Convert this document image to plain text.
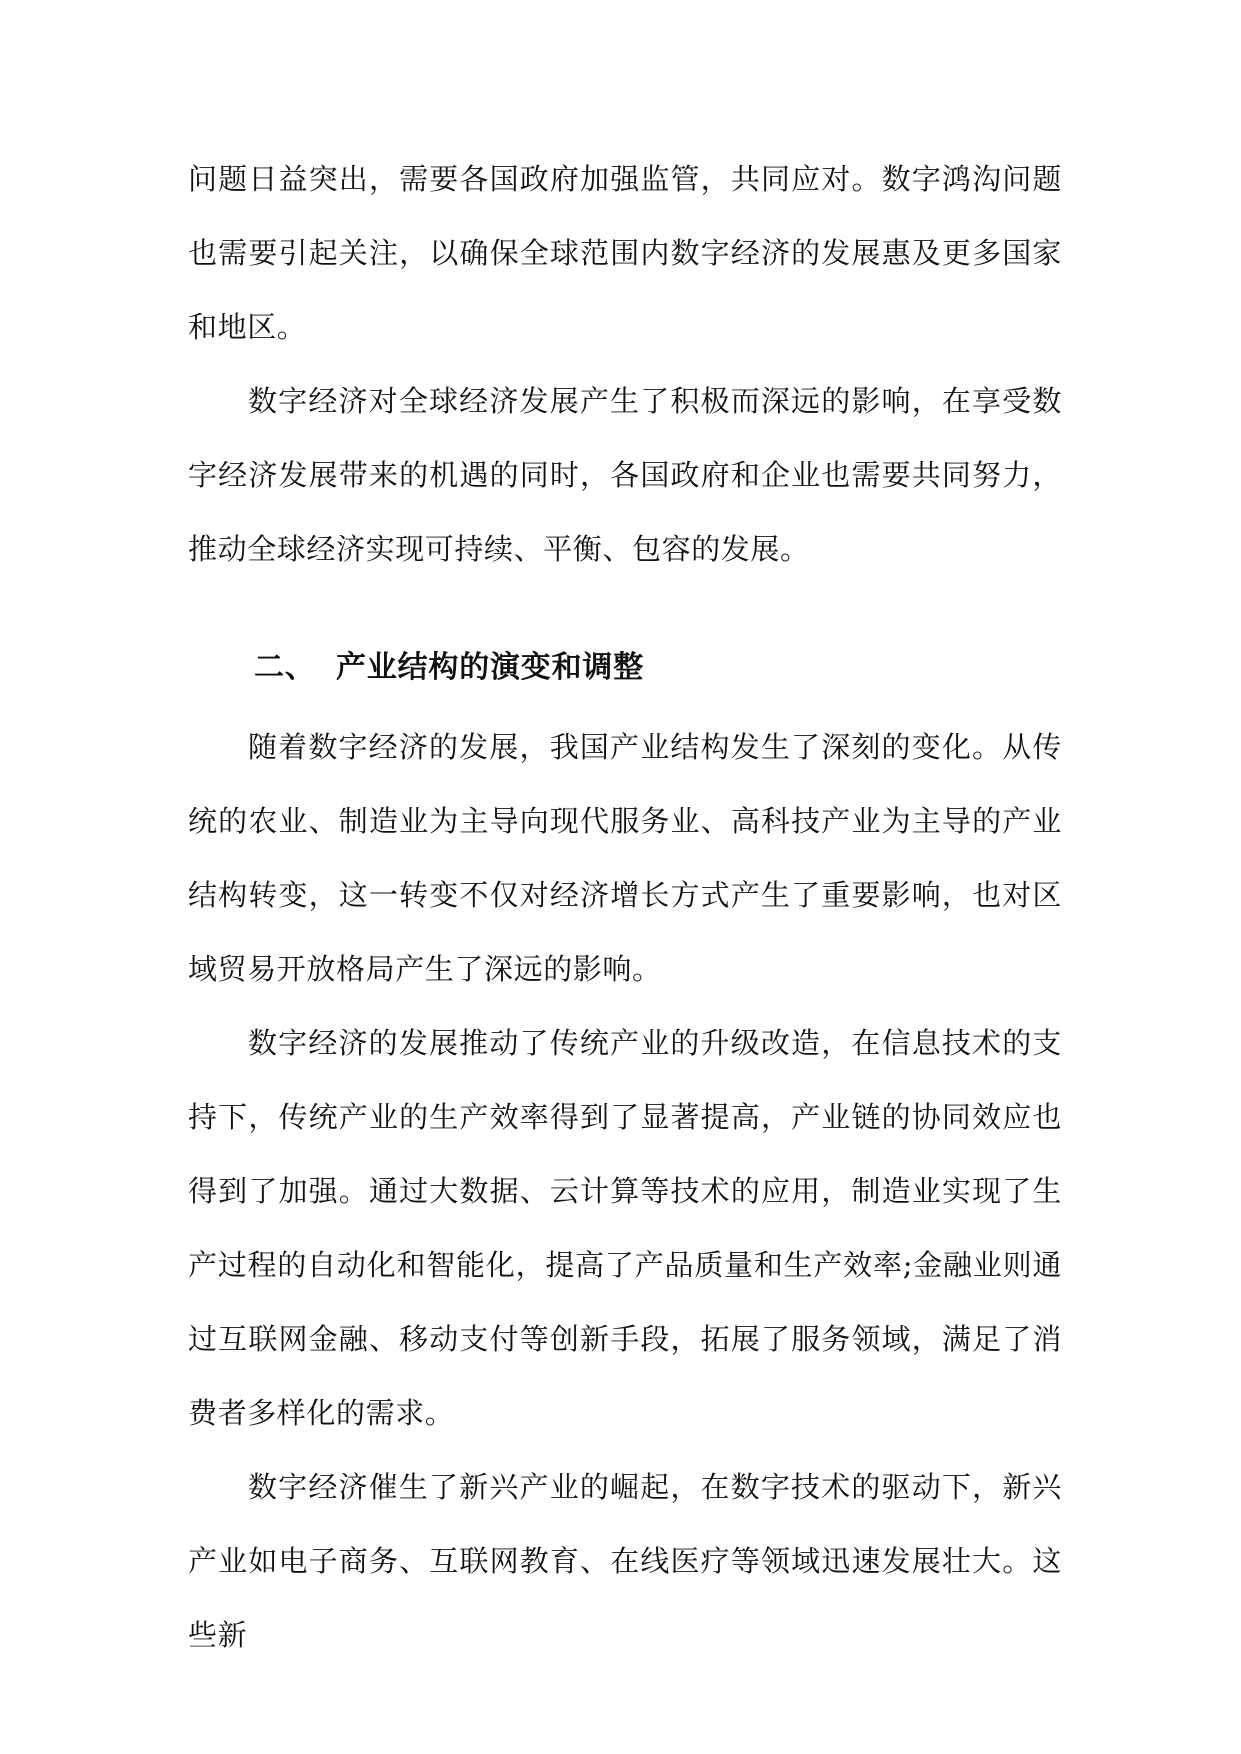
问题日益突出，需要各国政府加强监管，共同应对。数字鸿沟问题也需要引起关注，以确保全球范围内数字经济的发展惠及更多国家和地区。

数字经济对全球经济发展产生了积极而深远的影响，在享受数字经济发展带来的机遇的同时，各国政府和企业也需要共同努力，推动全球经济实现可持续、平衡、包容的发展。

二、 产业结构的演变和调整

随着数字经济的发展，我国产业结构发生了深刻的变化。从传统的农业、制造业为主导向现代服务业、高科技产业为主导的产业结构转变，这一转变不仅对经济增长方式产生了重要影响，也对区域贸易开放格局产生了深远的影响。

数字经济的发展推动了传统产业的升级改造，在信息技术的支持下，传统产业的生产效率得到了显著提高，产业链的协同效应也得到了加强。通过大数据、云计算等技术的应用，制造业实现了生产过程的自动化和智能化，提高了产品质量和生产效率;金融业则通过互联网金融、移动支付等创新手段，拓展了服务领域，满足了消费者多样化的需求。

数字经济催生了新兴产业的崛起，在数字技术的驱动下，新兴产业如电子商务、互联网教育、在线医疗等领域迅速发展壮大。这些新
